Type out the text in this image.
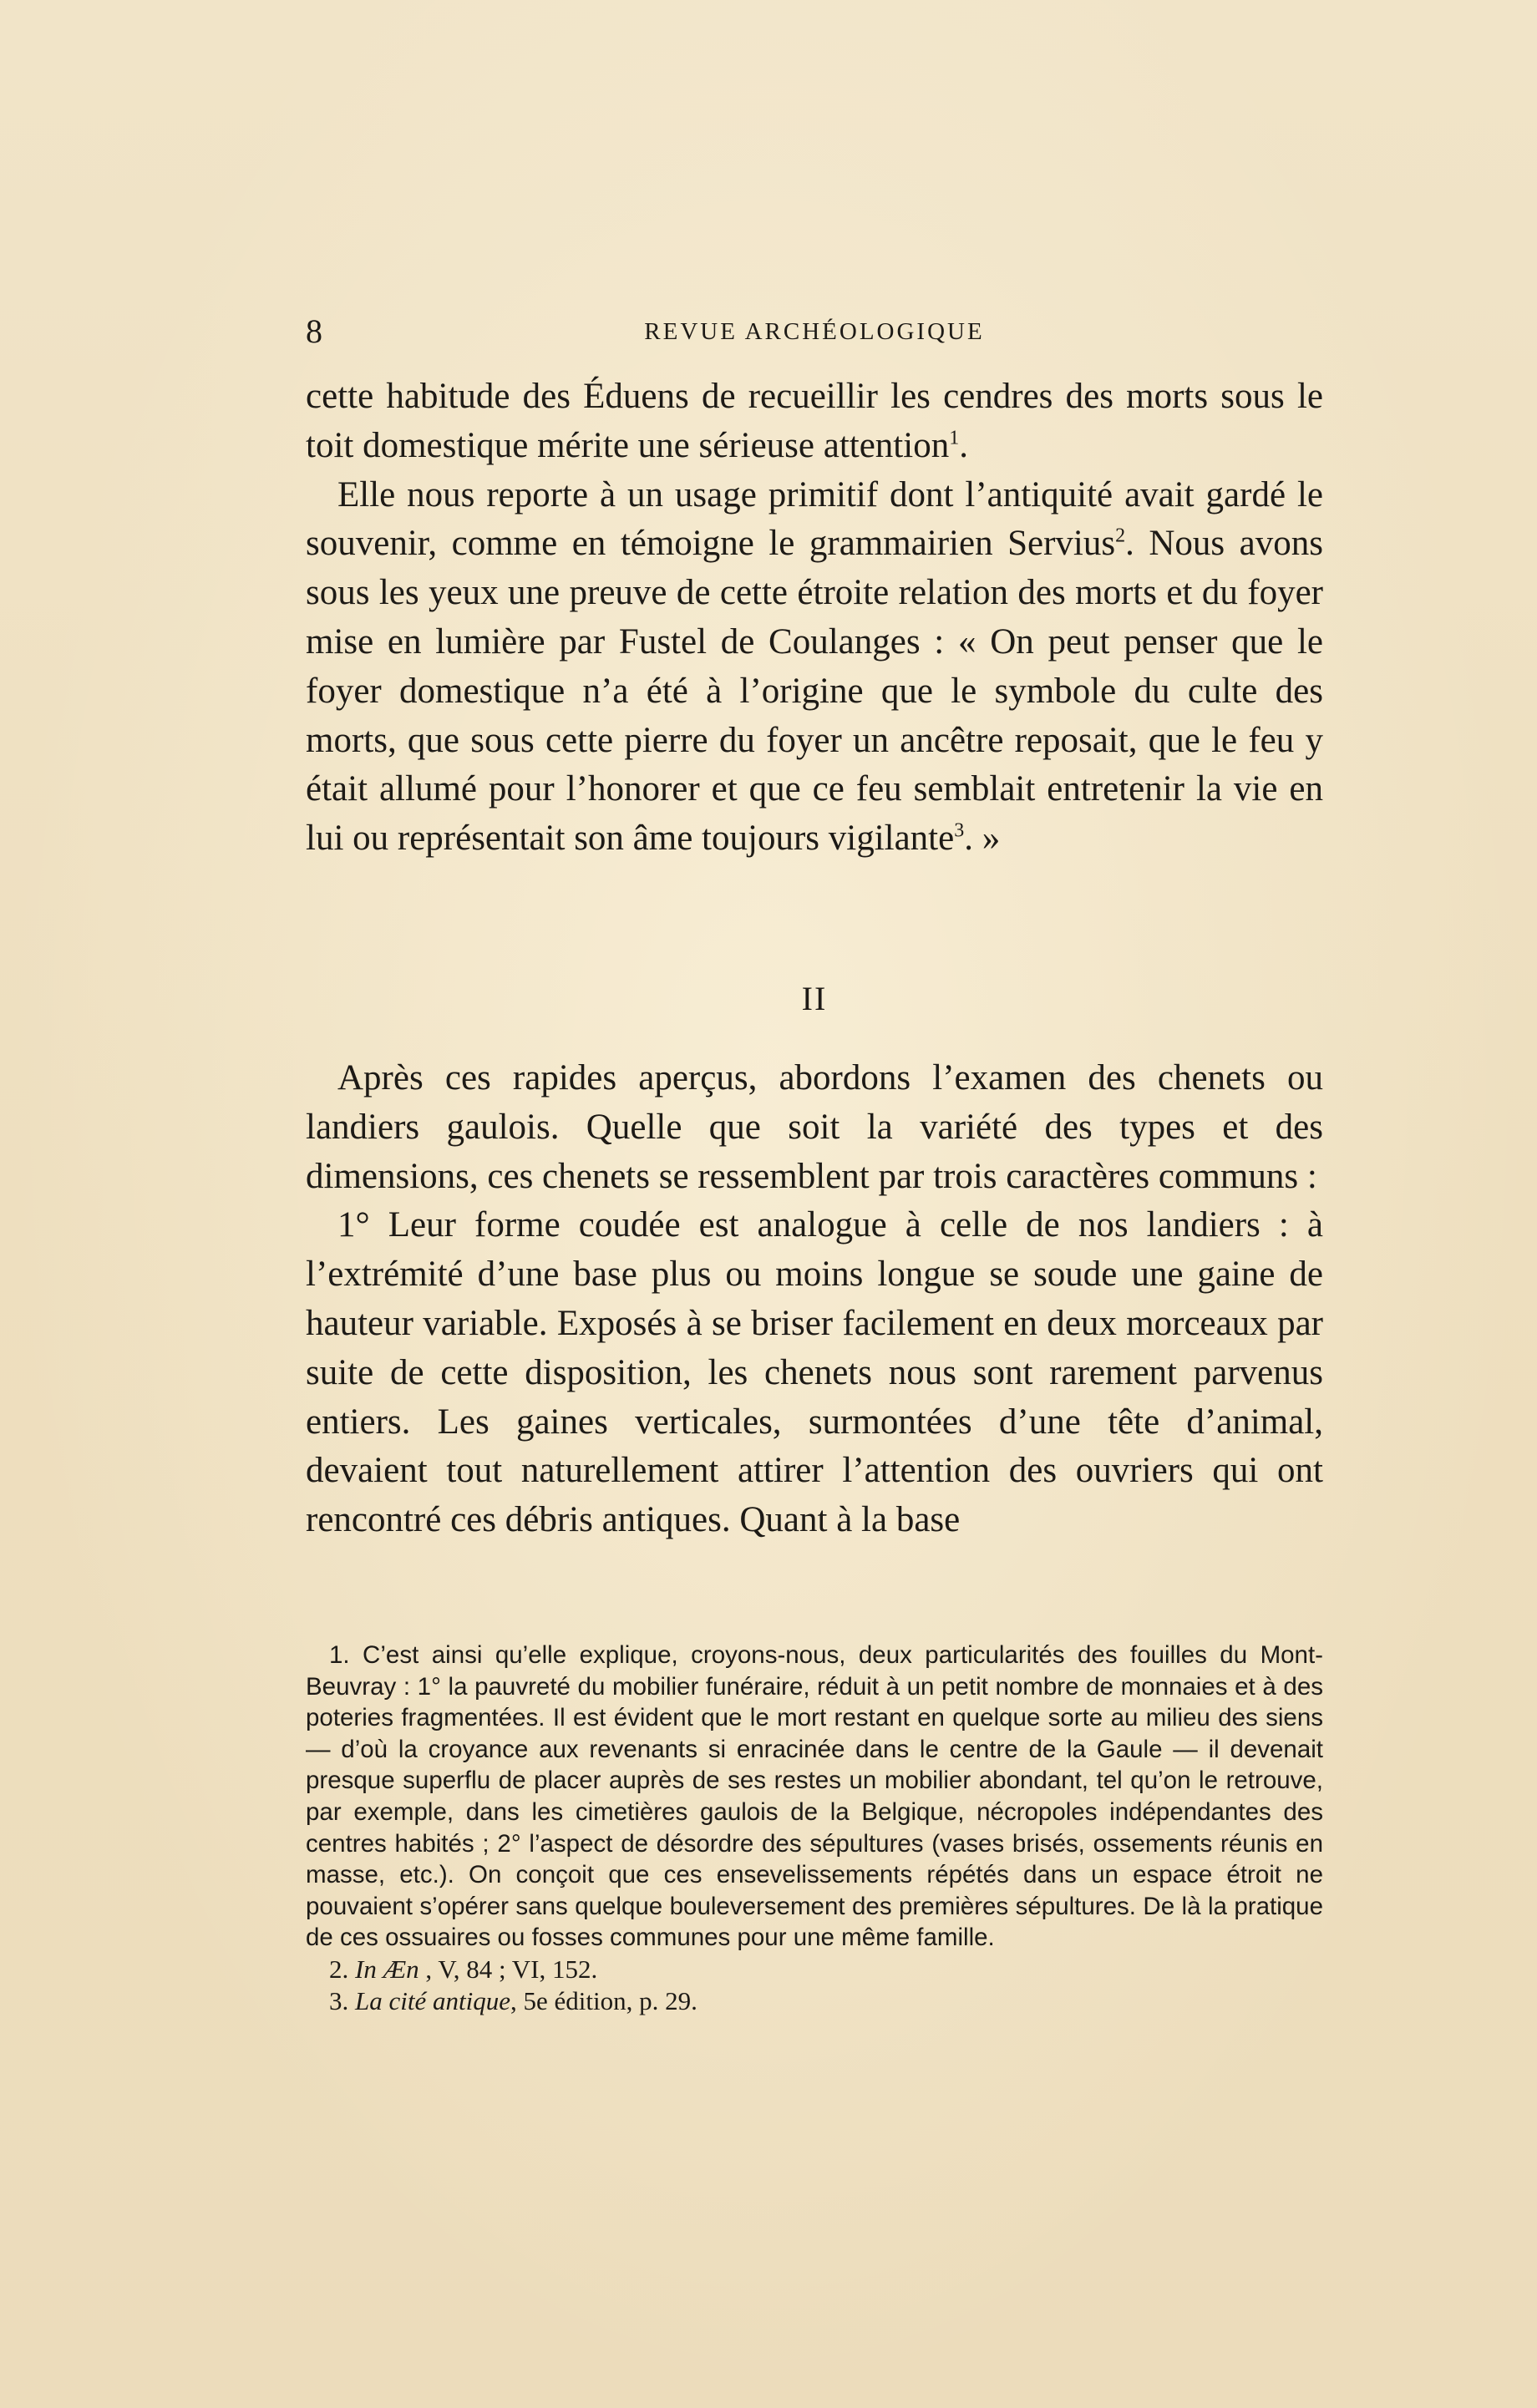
8	REVUE ARCHÉOLOGIQUE

cette habitude des Éduens de recueillir les cendres des morts sous le toit domestique mérite une sérieuse attention$^1$.

Elle nous reporte à un usage primitif dont l’antiquité avait gardé le souvenir, comme en témoigne le grammairien Servius$^2$. Nous avons sous les yeux une preuve de cette étroite relation des morts et du foyer mise en lumière par Fustel de Coulanges : « On peut penser que le foyer domestique n’a été à l’origine que le symbole du culte des morts, que sous cette pierre du foyer un ancêtre reposait, que le feu y était allumé pour l’honorer et que ce feu semblait entretenir la vie en lui ou représentait son âme toujours vigilante$^3$. »

II

Après ces rapides aperçus, abordons l’examen des chenets ou landiers gaulois. Quelle que soit la variété des types et des dimensions, ces chenets se ressemblent par trois caractères communs :

1° Leur forme coudée est analogue à celle de nos landiers : à l’extrémité d’une base plus ou moins longue se soude une gaine de hauteur variable. Exposés à se briser facilement en deux morceaux par suite de cette disposition, les chenets nous sont rarement parvenus entiers. Les gaines verticales, surmontées d’une tête d’animal, devaient tout naturellement attirer l’attention des ouvriers qui ont rencontré ces débris antiques. Quant à la base

1. C’est ainsi qu’elle explique, croyons-nous, deux particularités des fouilles du Mont-Beuvray : 1° la pauvreté du mobilier funéraire, réduit à un petit nombre de monnaies et à des poteries fragmentées. Il est évident que le mort restant en quelque sorte au milieu des siens — d’où la croyance aux revenants si enracinée dans le centre de la Gaule — il devenait presque superflu de placer auprès de ses restes un mobilier abondant, tel qu’on le retrouve, par exemple, dans les cimetières gaulois de la Belgique, nécropoles indépendantes des centres habités ; 2° l’aspect de désordre des sépultures (vases brisés, ossements réunis en masse, etc.). On conçoit que ces ensevelissements répétés dans un espace étroit ne pouvaient s’opérer sans quelque bouleversement des premières sépultures. De là la pratique de ces ossuaires ou fosses communes pour une même famille.

2. In Æn , V, 84 ; VI, 152.

3. La cité antique, 5e édition, p. 29.
